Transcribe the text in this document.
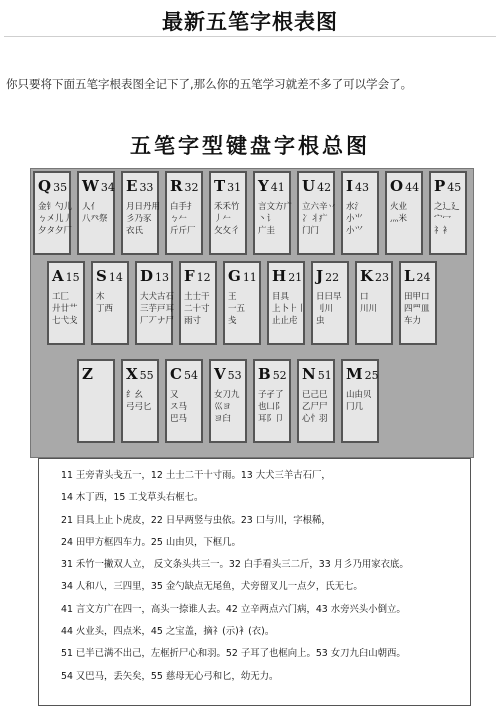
最新五笔字根表图
你只要将下面五笔字根表图全记下了,那么你的五笔学习就差不多了可以学会了。
五笔字型键盘字根总图
Q 35
金钅勺儿
ㄅ㐅儿丿
夕タ夕厂
W 34
人亻
八癶祭
E 33
月日丹用
彡乃豕
衣氏
R 32
白手扌
ㄅ𠂉
斤斤厂
T 31
禾禾竹
丿𠂉
攵攵彳
Y 41
言文方广
丶讠
广圭
U 42
立六辛丷
冫丬疒
门门
I 43
水氵
小⺌
小⺍
O 44
火业
灬米
P 45
之辶廴
宀冖
礻衤
A 15
工匚
廾廿艹
七弋戈
S 14
木
丁西
D 13
大犬古石
三芋戸耳
厂丆ナ尸
F 12
土士干
二十寸
雨寸
G 11
王
一五
戋
H 21
目具
上卜⺊丨
止止虍
J 22
日曰早
刂川
虫
K 23
口
川川
L 24
田甲口
四罒皿
车力
Z X 55
纟幺
弓弓匕
C 54
又
ス马
巴马
V 53
女刀九
巛ヨ
ヨ臼
B 52
子孑了
也凵阝
耳阝卩
N 51
已己巳
乙尸尸
心忄羽
M 25
山由贝
冂几
11 王旁青头戋五一，12 土士二干十寸雨。13 大犬三羊古石厂，
14 木丁西，15 工戈草头右框七。
21 目具上止卜虎皮，22 日早两竖与虫依。23 口与川，字根稀，
24 田甲方框四车力。25 山由贝，下框几。
31 禾竹一撇双人立， 反文条头共三一。32 白手看头三二斤，33 月彡乃用家衣底。
34 人和八，三四里，35 金勺缺点无尾鱼，犬旁留叉儿一点夕，氏无七。
41 言文方广在四一，高头一捺谁人去。42 立辛两点六门病，43 水旁兴头小倒立。
44 火业头，四点米，45 之宝盖，摘礻(示)衤(衣)。
51 已半已满不出己，左框折尸心和羽。52 子耳了也框向上。53 女刀九臼山朝西。
54 又巴马，丢矢矣，55 慈母无心弓和匕，幼无力。
